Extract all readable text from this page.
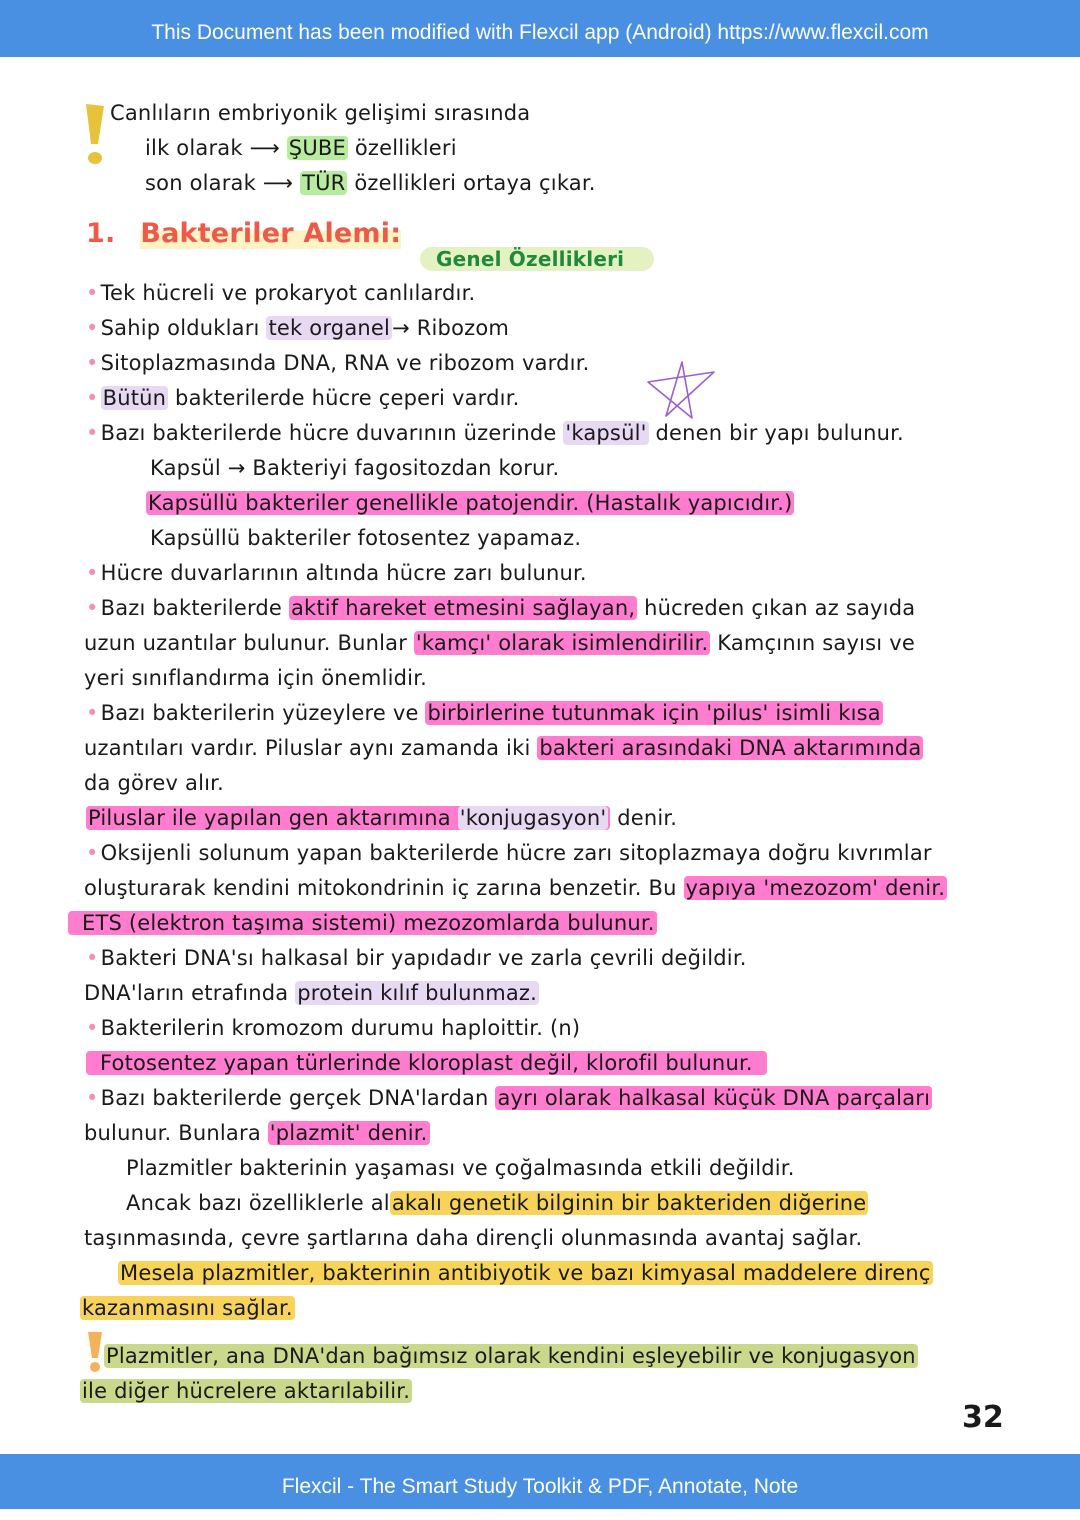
This Document has been modified with Flexcil app (Android) https://www.flexcil.com
Canlıların embriyonik gelişimi sırasında
ilk olarak ⟶ ŞUBE özellikleri
son olarak ⟶ TÜR özellikleri ortaya çıkar.
1. Bakteriler Alemi:
Genel Özellikleri
•Tek hücreli ve prokaryot canlılardır.
•Sahip oldukları tek organel→ Ribozom
•Sitoplazmasında DNA, RNA ve ribozom vardır.
• Bütün bakterilerde hücre çeperi vardır.
•Bazı bakterilerde hücre duvarının üzerinde 'kapsül' denen bir yapı bulunur.
Kapsül → Bakteriyi fagositozdan korur.
Kapsüllü bakteriler genellikle patojendir. (Hastalık yapıcıdır.)
Kapsüllü bakteriler fotosentez yapamaz.
•Hücre duvarlarının altında hücre zarı bulunur.
•Bazı bakterilerde aktif hareket etmesini sağlayan, hücreden çıkan az sayıda
uzun uzantılar bulunur. Bunlar 'kamçı' olarak isimlendirilir. Kamçının sayısı ve
yeri sınıflandırma için önemlidir.
•Bazı bakterilerin yüzeylere ve birbirlerine tutunmak için 'pilus' isimli kısa
uzantıları vardır. Piluslar aynı zamanda iki bakteri arasındaki DNA aktarımında
da görev alır.
Piluslar ile yapılan gen aktarımına 'konjugasyon' denir.
•Oksijenli solunum yapan bakterilerde hücre zarı sitoplazmaya doğru kıvrımlar
oluşturarak kendini mitokondrinin iç zarına benzetir. Bu yapıya 'mezozom' denir.
ETS (elektron taşıma sistemi) mezozomlarda bulunur.
•Bakteri DNA'sı halkasal bir yapıdadır ve zarla çevrili değildir.
DNA'ların etrafında protein kılıf bulunmaz.
•Bakterilerin kromozom durumu haploittir. (n)
Fotosentez yapan türlerinde kloroplast değil, klorofil bulunur.
•Bazı bakterilerde gerçek DNA'lardan ayrı olarak halkasal küçük DNA parçaları
bulunur. Bunlara 'plazmit' denir.
Plazmitler bakterinin yaşaması ve çoğalmasında etkili değildir.
Ancak bazı özelliklerle alakalı genetik bilginin bir bakteriden diğerine
taşınmasında, çevre şartlarına daha dirençli olunmasında avantaj sağlar.
Mesela plazmitler, bakterinin antibiyotik ve bazı kimyasal maddelere direnç
kazanmasını sağlar.
Plazmitler, ana DNA'dan bağımsız olarak kendini eşleyebilir ve konjugasyon
ile diğer hücrelere aktarılabilir.
32
Flexcil - The Smart Study Toolkit & PDF, Annotate, Note
